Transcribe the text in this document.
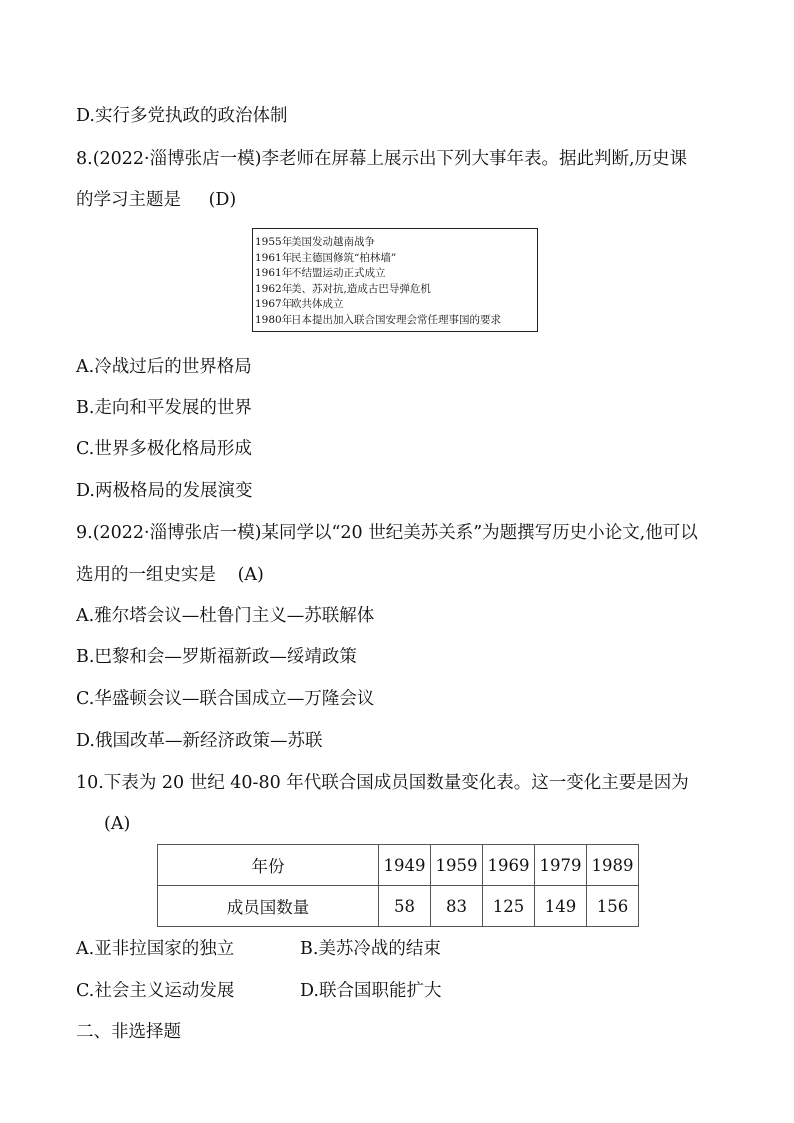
D.实行多党执政的政治体制
8.(2022·淄博张店一模)李老师在屏幕上展示出下列大事年表。据此判断,历史课
的学习主题是 (D)
1955年美国发动越南战争
1961年民主德国修筑“柏林墙”
1961年不结盟运动正式成立
1962年美、苏对抗,造成古巴导弹危机
1967年欧共体成立
1980年日本提出加入联合国安理会常任理事国的要求
A.冷战过后的世界格局
B.走向和平发展的世界
C.世界多极化格局形成
D.两极格局的发展演变
9.(2022·淄博张店一模)某同学以“20 世纪美苏关系”为题撰写历史小论文,他可以
选用的一组史实是 (A)
A.雅尔塔会议—杜鲁门主义—苏联解体
B.巴黎和会—罗斯福新政—绥靖政策
C.华盛顿会议—联合国成立—万隆会议
D.俄国改革—新经济政策—苏联
10.下表为 20 世纪 40-80 年代联合国成员国数量变化表。这一变化主要是因为
(A)
年份	1949	1959	1969	1979	1989
成员国数量	58	83	125	149	156
A.亚非拉国家的独立	B.美苏冷战的结束
C.社会主义运动发展	D.联合国职能扩大
二、非选择题
